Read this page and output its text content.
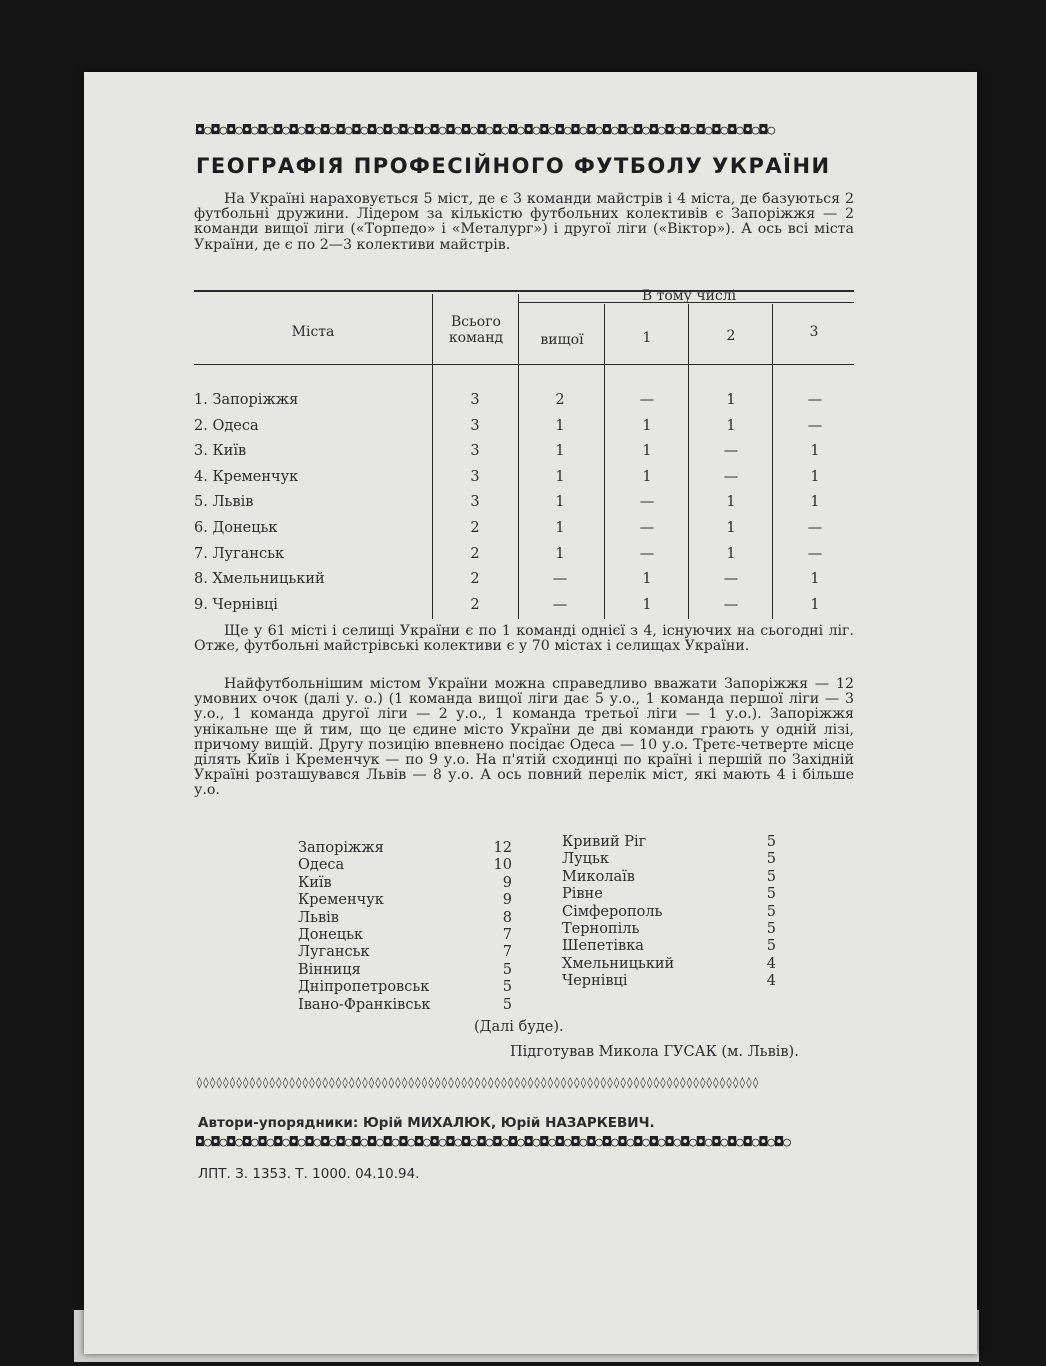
◘○◘○◘○◘○◘○◘○◘○◘○◘○◘○◘○◘○◘○◘○◘○◘○◘○◘○◘○◘○◘○◘○◘○◘○◘○◘○◘○◘○◘○◘○◘○◘○◘○◘○◘○◘○◘○
ГЕОГРАФІЯ ПРОФЕСІЙНОГО ФУТБОЛУ УКРАЇНИ
На Україні нараховується 5 міст, де є 3 команди майстрів і 4 міста, де базуються 2 футбольні дружини. Лідером за кількістю футбольних колективів є Запоріжжя — 2 команди вищої ліги («Торпедо» і «Металург») і другої ліги («Віктор»). А ось всі міста України, де є по 2—3 колективи майстрів.
Міста
Всього команд
В тому числі
вищої	1	2	3
1. Запоріжжя	3	2	—	1	—
2. Одеса	3	1	1	1	—
3. Київ	3	1	1	—	1
4. Кременчук	3	1	1	—	1
5. Львів	3	1	—	1	1
6. Донецьк	2	1	—	1	—
7. Луганськ	2	1	—	1	—
8. Хмельницький	2	—	1	—	1
9. Чернівці	2	—	1	—	1
Ще у 61 місті і селищі України є по 1 команді однієї з 4, існуючих на сьогодні ліг. Отже, футбольні майстрівські колективи є у 70 містах і селищах України.
Найфутбольнішим містом України можна справедливо вважати Запоріжжя — 12 умовних очок (далі у. о.) (1 команда вищої ліги дає 5 у.о., 1 команда першої ліги — 3 у.о., 1 команда другої ліги — 2 у.о., 1 команда третьої ліги — 1 у.о.). Запоріжжя унікальне ще й тим, що це єдине місто України де дві команди грають у одній лізі, причому вищій. Другу позицію впевнено посідає Одеса — 10 у.о. Третє-четверте місце ділять Київ і Кременчук — по 9 у.о. На п'ятій сходинці по країні і першій по Західній Україні розташувався Львів — 8 у.о. А ось повний перелік міст, які мають 4 і більше у.о.
Запоріжжя	12
Одеса	10
Київ	9
Кременчук	9
Львів	8
Донецьк	7
Луганськ	7
Вінниця	5
Дніпропетровськ	5
Івано-Франківськ	5
Кривий Ріг	5
Луцьк	5
Миколаїв	5
Рівне	5
Сімферополь	5
Тернопіль	5
Шепетівка	5
Хмельницький	4
Чернівці	4
(Далі буде).
Підготував Микола ГУСАК (м. Львів).
◊◊◊◊◊◊◊◊◊◊◊◊◊◊◊◊◊◊◊◊◊◊◊◊◊◊◊◊◊◊◊◊◊◊◊◊◊◊◊◊◊◊◊◊◊◊◊◊◊◊◊◊◊◊◊◊◊◊◊◊◊◊◊◊◊◊◊◊◊◊◊◊◊◊◊◊◊◊◊◊◊◊◊◊◊
Автори-упорядники: Юрій МИХАЛЮК, Юрій НАЗАРКЕВИЧ.
◘○◘○◘○◘○◘○◘○◘○◘○◘○◘○◘○◘○◘○◘○◘○◘○◘○◘○◘○◘○◘○◘○◘○◘○◘○◘○◘○◘○◘○◘○◘○◘○◘○◘○◘○◘○◘○◘○
ЛПТ. З. 1353. Т. 1000. 04.10.94.
